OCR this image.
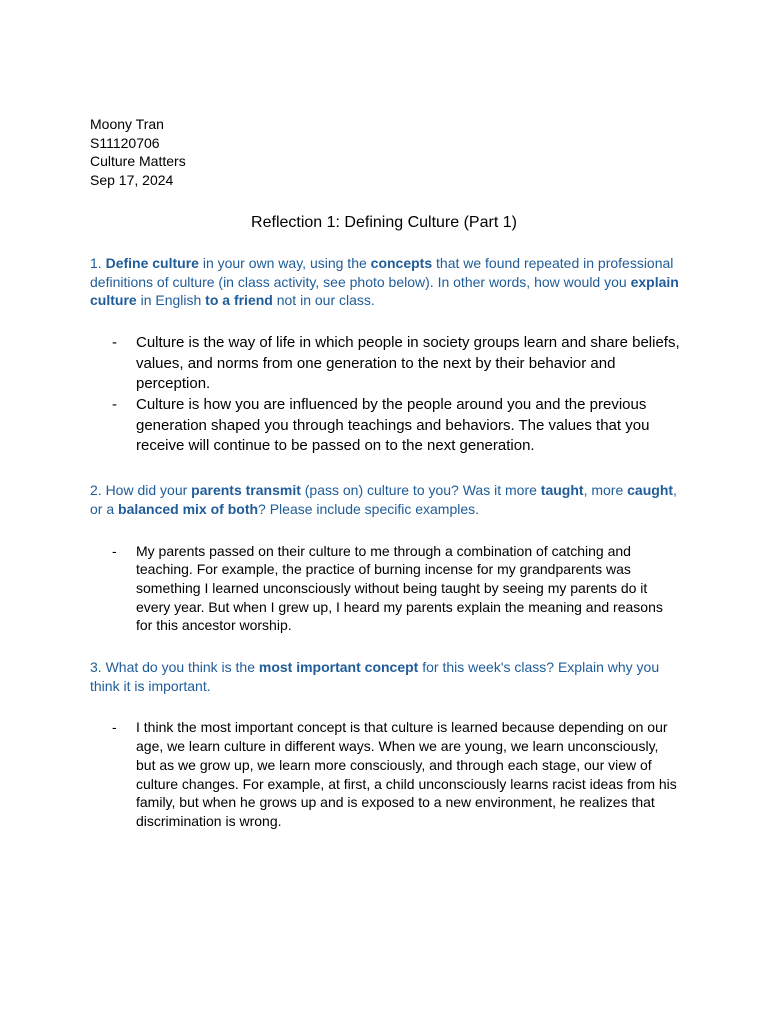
Moony Tran
S11120706
Culture Matters
Sep 17, 2024
Reflection 1: Defining Culture (Part 1)

1. Define culture in your own way, using the concepts that we found repeated in professional definitions of culture (in class activity, see photo below). In other words, how would you explain culture in English to a friend not in our class.

- Culture is the way of life in which people in society groups learn and share beliefs, values, and norms from one generation to the next by their behavior and perception.
- Culture is how you are influenced by the people around you and the previous generation shaped you through teachings and behaviors. The values that you receive will continue to be passed on to the next generation.

2. How did your parents transmit (pass on) culture to you? Was it more taught, more caught, or a balanced mix of both? Please include specific examples.

- My parents passed on their culture to me through a combination of catching and teaching. For example, the practice of burning incense for my grandparents was something I learned unconsciously without being taught by seeing my parents do it every year. But when I grew up, I heard my parents explain the meaning and reasons for this ancestor worship.

3. What do you think is the most important concept for this week's class? Explain why you think it is important.

- I think the most important concept is that culture is learned because depending on our age, we learn culture in different ways. When we are young, we learn unconsciously, but as we grow up, we learn more consciously, and through each stage, our view of culture changes. For example, at first, a child unconsciously learns racist ideas from his family, but when he grows up and is exposed to a new environment, he realizes that discrimination is wrong.
